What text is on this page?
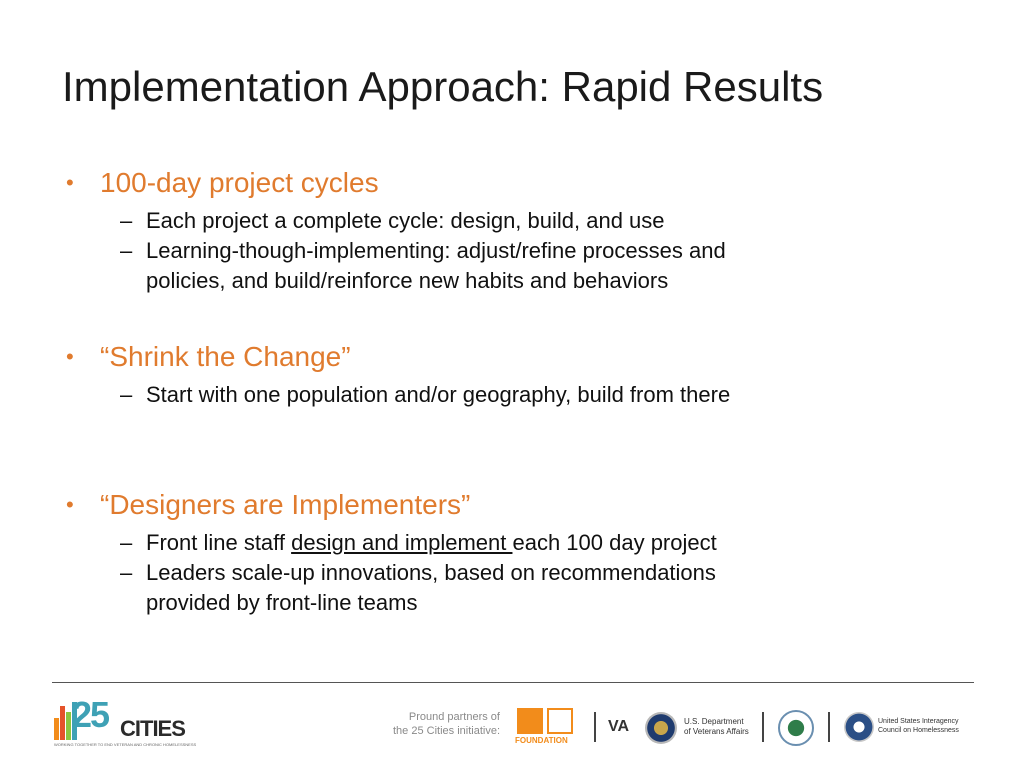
Implementation Approach: Rapid Results
• 100-day project cycles
– Each project a complete cycle: design, build, and use
– Learning-though-implementing: adjust/refine processes and
policies, and build/reinforce new habits and behaviors
• “Shrink the Change”
– Start with one population and/or geography, build from there
• “Designers are Implementers”
– Front line staff design and implement each 100 day project
– Leaders scale-up innovations, based on recommendations
provided by front-line teams
25 CITIES
WORKING TOGETHER TO END VETERAN AND CHRONIC HOMELESSNESS
Pround partners of
the 25 Cities initiative:
FOUNDATION
VA	U.S. Department
of Veterans Affairs
United States Interagency
Council on Homelessness
